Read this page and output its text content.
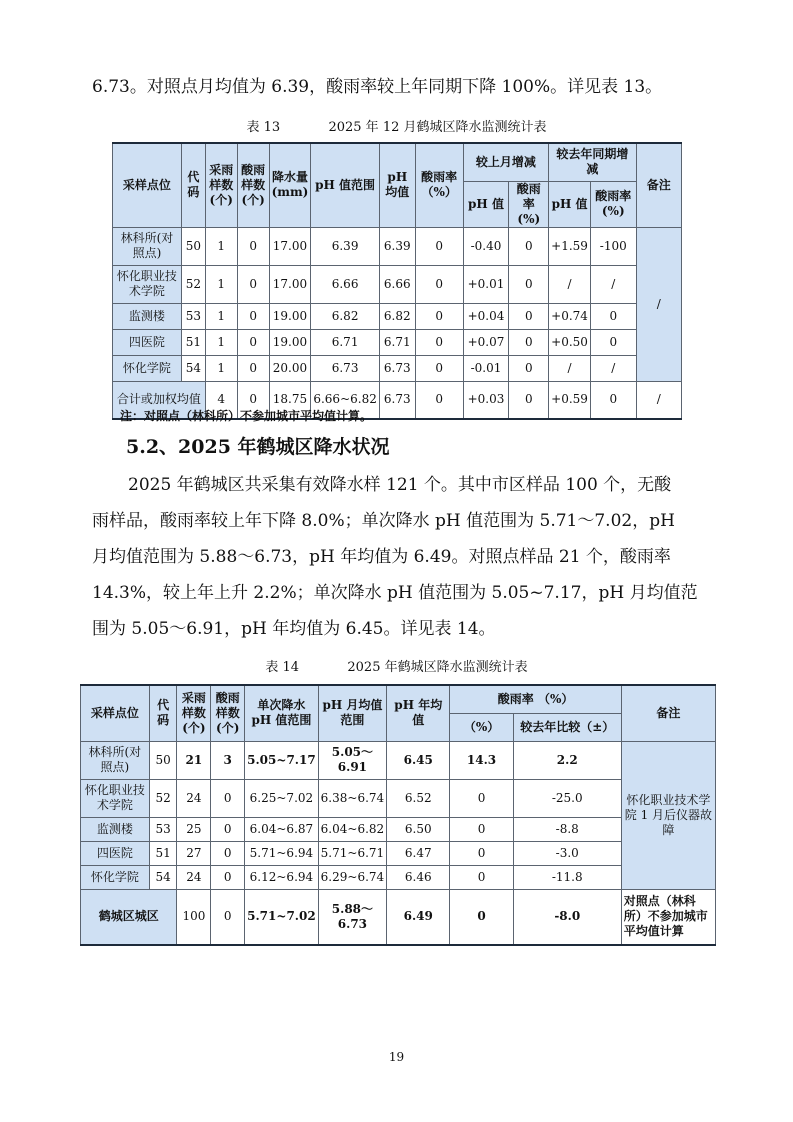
6.73。对照点月均值为 6.39，酸雨率较上年同期下降 100%。详见表 13。

表 13	2025 年 12 月鹤城区降水监测统计表
采样点位	代码	采雨样数(个)	酸雨样数(个)	降水量(mm)	pH 值范围	pH 均值	酸雨率（%）	较上月增减		较去年同期增减		备注
								pH 值	酸雨率(%)	pH 值	酸雨率(%)	
林科所(对照点)	50	1	0	17.00	6.39	6.39	0	-0.40	0	+1.59	-100	/
怀化职业技术学院	52	1	0	17.00	6.66	6.66	0	+0.01	0	/	/	
监测楼	53	1	0	19.00	6.82	6.82	0	+0.04	0	+0.74	0	
四医院	51	1	0	19.00	6.71	6.71	0	+0.07	0	+0.50	0	
怀化学院	54	1	0	20.00	6.73	6.73	0	-0.01	0	/	/	
合计或加权均值		4	0	18.75	6.66~6.82	6.73	0	+0.03	0	+0.59	0	/
注：对照点（林科所）不参加城市平均值计算。
5.2、2025 年鹤城区降水状况

2025 年鹤城区共采集有效降水样 121 个。其中市区样品 100 个，无酸

雨样品，酸雨率较上年下降 8.0%；单次降水 pH 值范围为 5.71～7.02，pH

月均值范围为 5.88～6.73，pH 年均值为 6.49。对照点样品 21 个，酸雨率

14.3%，较上年上升 2.2%；单次降水 pH 值范围为 5.05~7.17，pH 月均值范

围为 5.05～6.91，pH 年均值为 6.45。详见表 14。

表 14	2025 年鹤城区降水监测统计表
采样点位	代码	采雨样数(个)	酸雨样数(个)	单次降水 pH 值范围	pH 月均值范围	pH 年均值	酸雨率 （%）		备注
							（%）	较去年比较（±）	
林科所(对照点)	50	21	3	5.05~7.17	5.05～6.91	6.45	14.3	2.2	怀化职业技术学院 1 月后仪器故障
怀化职业技术学院	52	24	0	6.25~7.02	6.38~6.74	6.52	0	-25.0	
监测楼	53	25	0	6.04~6.87	6.04~6.82	6.50	0	-8.8	
四医院	51	27	0	5.71~6.94	5.71~6.71	6.47	0	-3.0	
怀化学院	54	24	0	6.12~6.94	6.29~6.74	6.46	0	-11.8	
鹤城区城区		100	0	5.71~7.02	5.88～6.73	6.49	0	-8.0	对照点（林科所）不参加城市平均值计算
19
